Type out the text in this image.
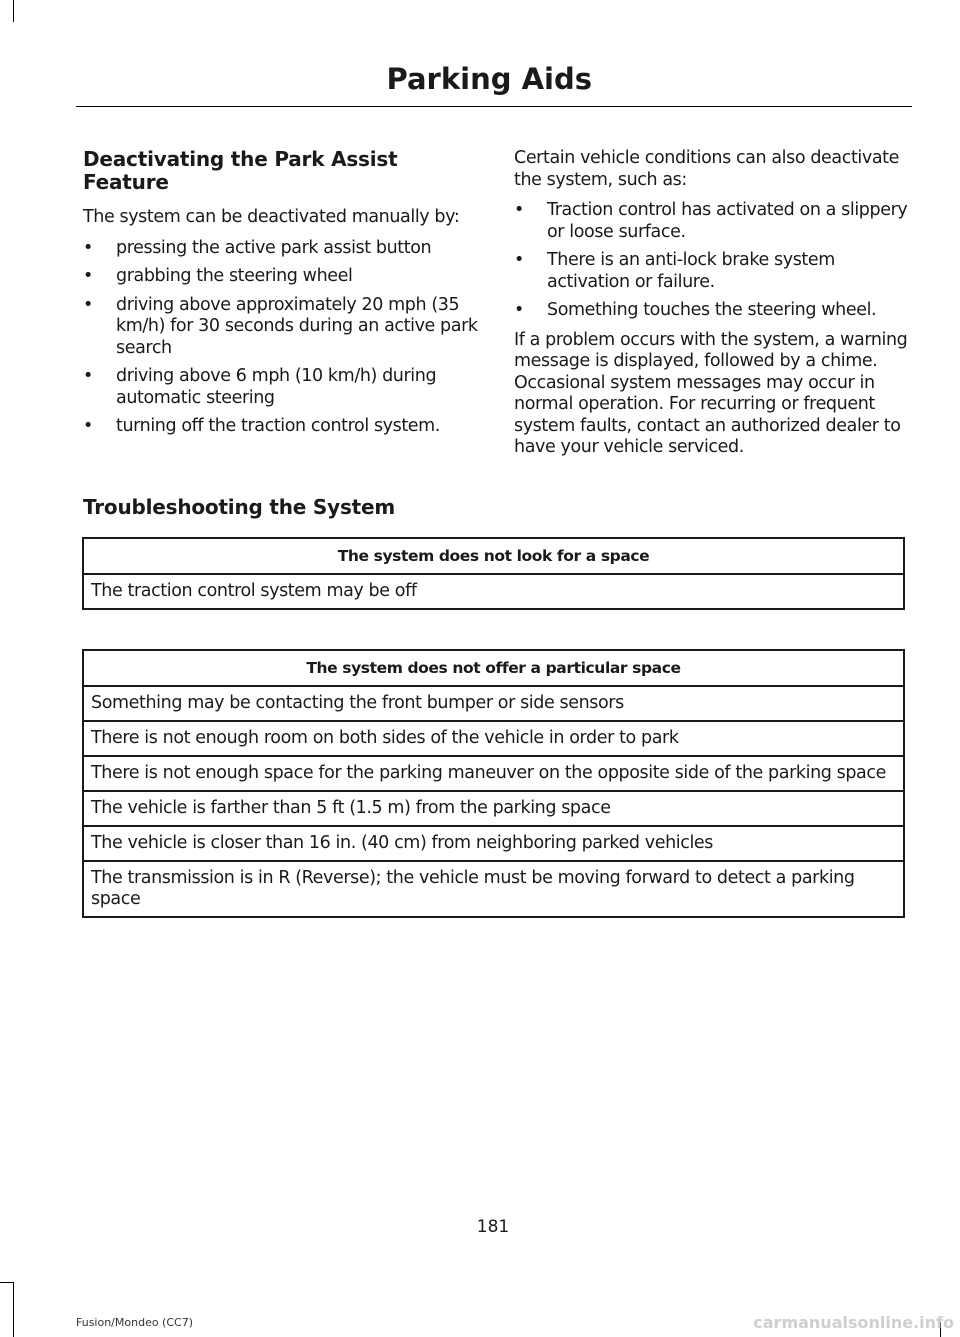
Parking Aids
Deactivating the Park Assist Feature

The system can be deactivated manually by:

• pressing the active park assist button
• grabbing the steering wheel
• driving above approximately 20 mph (35 km/h) for 30 seconds during an active park search
• driving above 6 mph (10 km/h) during automatic steering
• turning off the traction control system.

Certain vehicle conditions can also deactivate the system, such as:

• Traction control has activated on a slippery or loose surface.
• There is an anti-lock brake system activation or failure.
• Something touches the steering wheel.

If a problem occurs with the system, a warning message is displayed, followed by a chime. Occasional system messages may occur in normal operation. For recurring or frequent system faults, contact an authorized dealer to have your vehicle serviced.

Troubleshooting the System
The system does not look for a space
The traction control system may be off
The system does not offer a particular space
Something may be contacting the front bumper or side sensors
There is not enough room on both sides of the vehicle in order to park
There is not enough space for the parking maneuver on the opposite side of the parking space
The vehicle is farther than 5 ft (1.5 m) from the parking space
The vehicle is closer than 16 in. (40 cm) from neighboring parked vehicles
The transmission is in R (Reverse); the vehicle must be moving forward to detect a parking space
181
Fusion/Mondeo (CC7)	carmanualsonline.info
